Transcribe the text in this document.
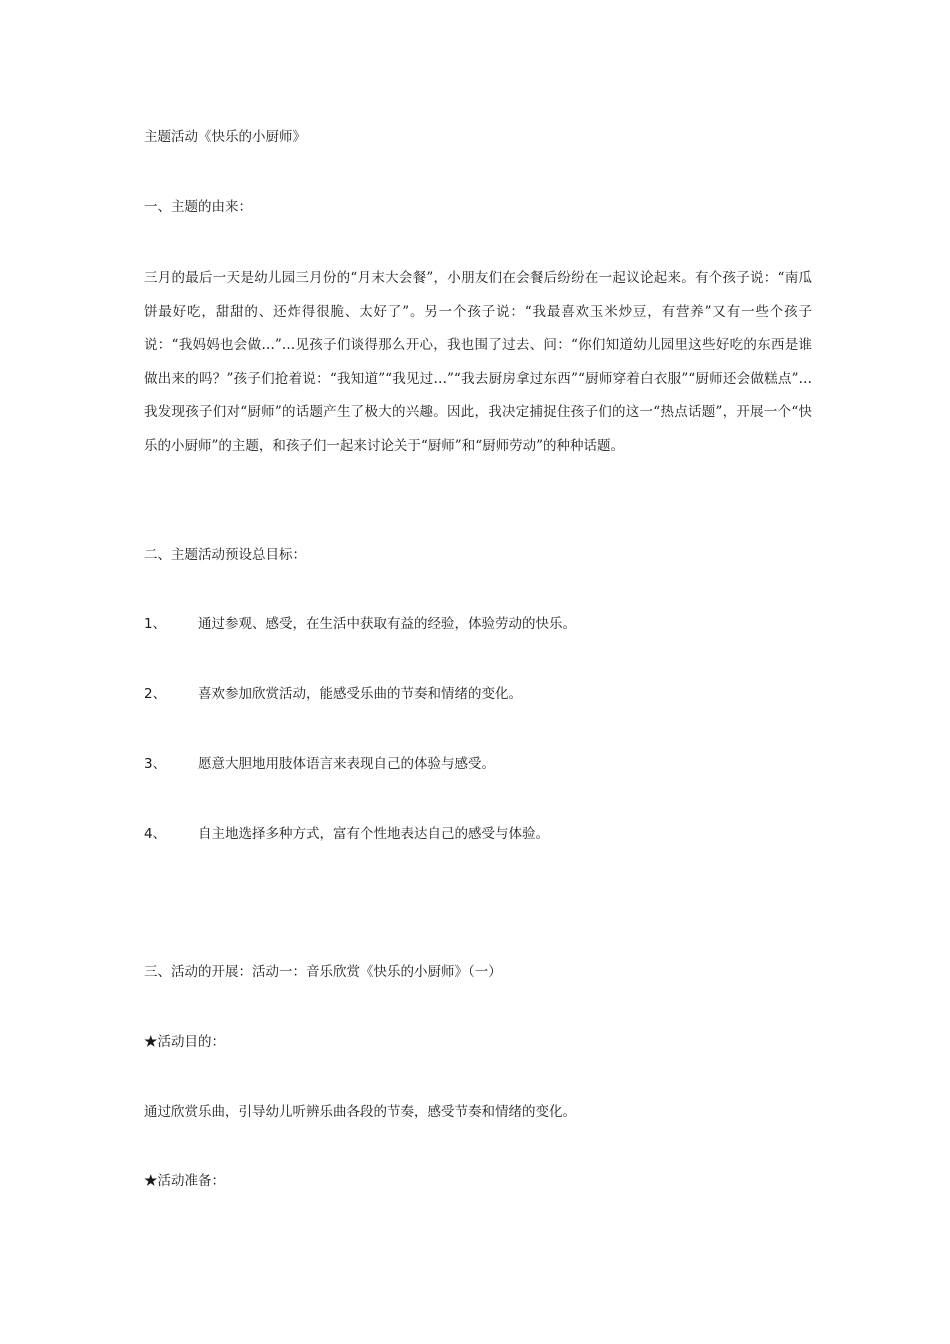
主题活动《快乐的小厨师》
一、主题的由来：
三月的最后一天是幼儿园三月份的“月末大会餐”，小朋友们在会餐后纷纷在一起议论起来。有个孩子说：“南瓜饼最好吃，甜甜的、还炸得很脆、太好了”。另一个孩子说：“我最喜欢玉米炒豆，有营养”又有一些个孩子说：“我妈妈也会做…”…见孩子们谈得那么开心，我也围了过去、问：“你们知道幼儿园里这些好吃的东西是谁做出来的吗？”孩子们抢着说：“我知道”“我见过…”“我去厨房拿过东西”“厨师穿着白衣服”“厨师还会做糕点”…我发现孩子们对“厨师”的话题产生了极大的兴趣。因此，我决定捕捉住孩子们的这一“热点话题”，开展一个“快乐的小厨师”的主题，和孩子们一起来讨论关于“厨师”和“厨师劳动”的种种话题。
二、主题活动预设总目标：
1、 通过参观、感受，在生活中获取有益的经验，体验劳动的快乐。
2、 喜欢参加欣赏活动，能感受乐曲的节奏和情绪的变化。
3、 愿意大胆地用肢体语言来表现自己的体验与感受。
4、 自主地选择多种方式，富有个性地表达自己的感受与体验。
三、活动的开展：活动一：音乐欣赏《快乐的小厨师》（一）
★活动目的：
通过欣赏乐曲，引导幼儿听辨乐曲各段的节奏，感受节奏和情绪的变化。
★活动准备：
